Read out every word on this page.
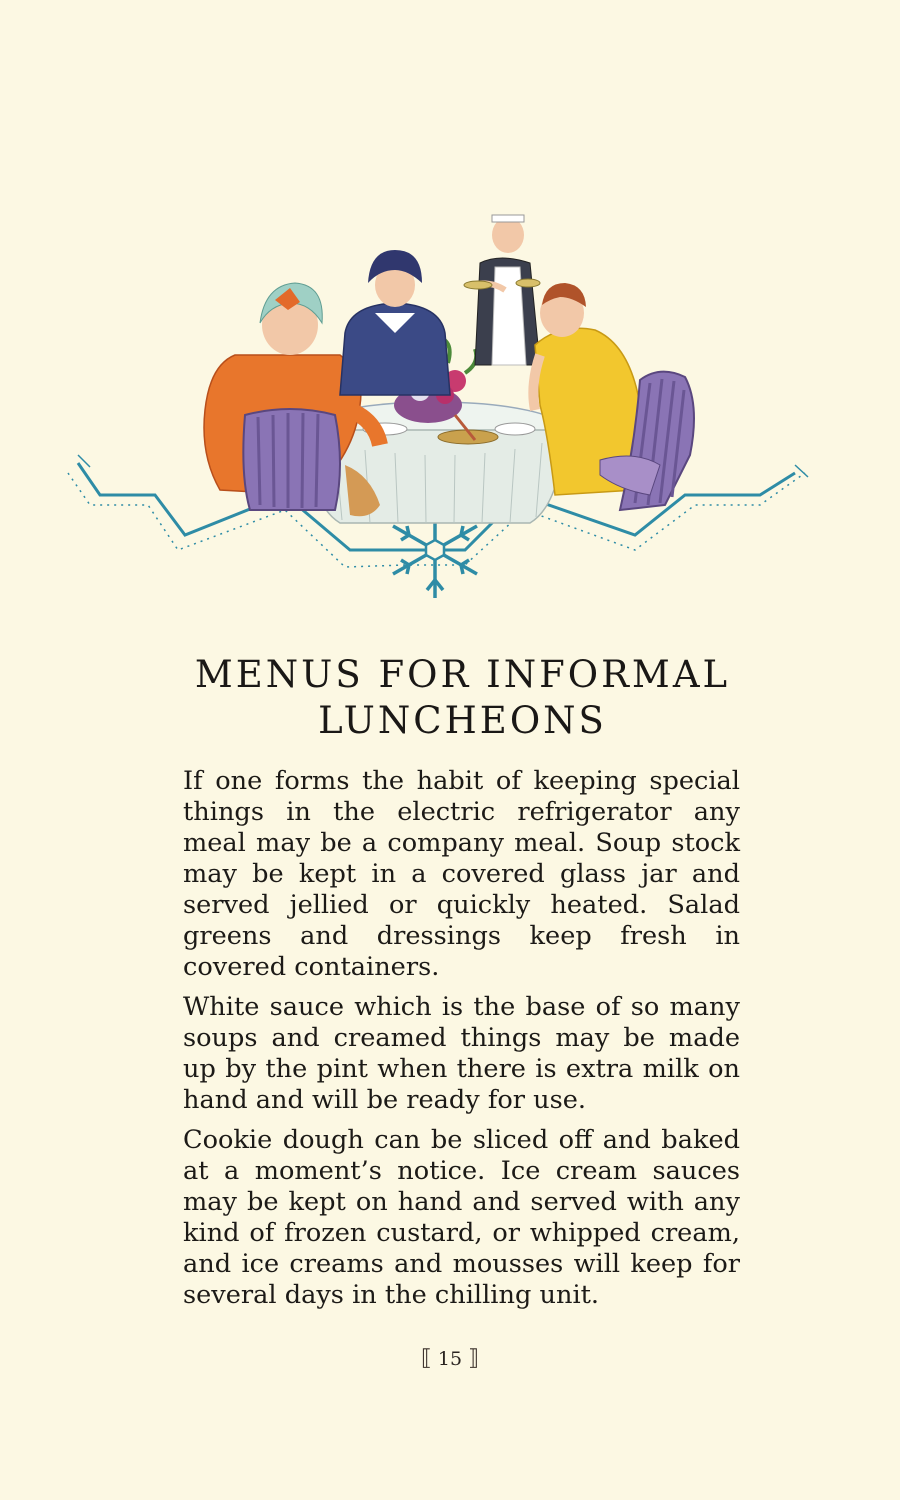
MENUS FOR INFORMAL
LUNCHEONS

If one forms the habit of keeping special things in the electric refrigerator any meal may be a company meal. Soup stock may be kept in a covered glass jar and served jellied or quickly heated. Salad greens and dressings keep fresh in covered containers.

White sauce which is the base of so many soups and creamed things may be made up by the pint when there is extra milk on hand and will be ready for use.

Cookie dough can be sliced off and baked at a moment’s notice. Ice cream sauces may be kept on hand and served with any kind of frozen custard, or whipped cream, and ice creams and mousses will keep for several days in the chilling unit.

⟦ 15 ⟧
